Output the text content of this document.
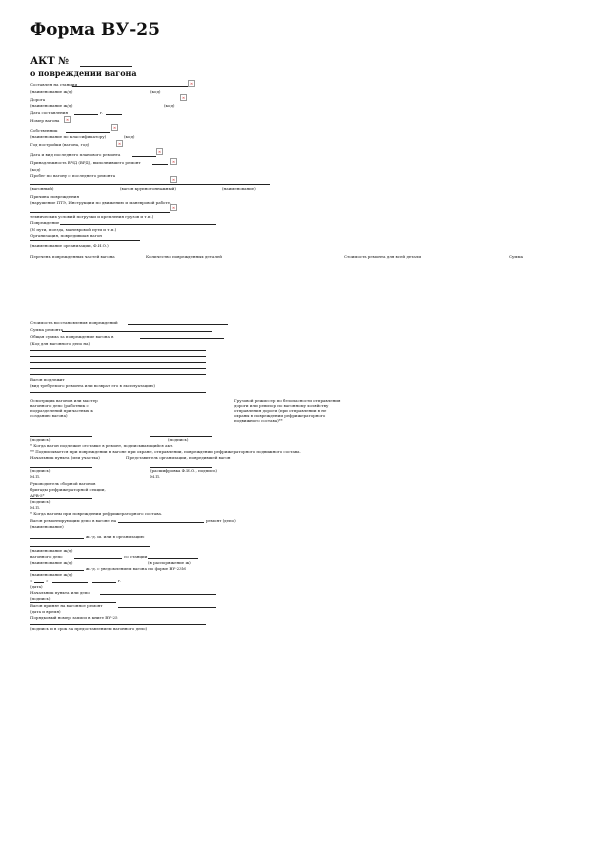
Форма ВУ-25
АКТ №
о повреждении вагона
Составлен на станции	×
(наименование ж/д)	(код)
Дорога	×
(наименование ж/д)	(код)
Дата составления	г.
Номер вагона	×
Собственник
×
(наименование по классификатору)	(код)
Год постройки (вагона, год)	×
Дата и вид последнего планового ремонта
×
Принадлежность ВЧД (ВРД), выполнившего ремонт	×
(код)
Пробег по вагону с последнего ремонта
×
(вагонный)	(вагон крупнотоннажный)	(наименование)
Причина повреждения
(нарушение ПТЭ, Инструкции по движению и маневровой работе,
×
технических условий погрузки и крепления грузов и т.п.)
Повреждение
(N пути, поезда, маневровой пути и т.п.)
Организация, повредившая вагон
(наименование организации, Ф.И.О.)
Перечень поврежденных частей вагона	Количество поврежденных деталей	Стоимость ремонта для всей детали	Сумма
Стоимость восстановления повреждений
Сумма ремонта
Общая сумма за повреждение вагона в
(Код для вагонного депо на)
Вагон подлежит
(вид требуемого ремонта или возврат его в эксплуатацию)
Осмотрщик вагонов или мастер
вагонного депо (работник с
подразделений причастных к
созданию вагона)
Грузовой режиссер по безопасности отправления
дороги или ревизор по вагонному хозяйству
отправления дороги (при отправлении в не
охраны в повреждении рефрижераторного
подвижного состава)**
(подпись)	(подпись)
* Когда вагон подлежит отставке в ремонт, подписывающийся акт.
** Подписывается при повреждении в вагоне при охране, отправлении, повреждении рефрижераторного подвижного состава.
Начальник пункта (или участка)	Представитель организации, повредившей вагон
(подпись)	(расшифровка Ф.И.О., подпись)
М.П.	М.П.
Руководитель сборной вагонов
бригады рефрижераторной секции,
АРВ-5*
(подпись)
М.П.
* Когда вагоны при повреждении рефрижераторного состава.
Вагон ремонтирующим депо в вагоне на	ремонт (депо)
(наименование)
ж.-д. ш. или в организацию
(наименование ж/д)
вагонного депо	со станции
(наименование ж/д)	(в распоряжение ж)
ж.-д. с уведомлением вагона по форме ВУ-23М
(наименование ж/д)
«	»	г.
(дата)
Начальник пункта или депо
(подпись)
Вагон принят на вагонное ремонт
(дата и время)
Порядковый номер записи в книге ВУ-25
(подпись и в срок за предоставлением вагонного депо)
